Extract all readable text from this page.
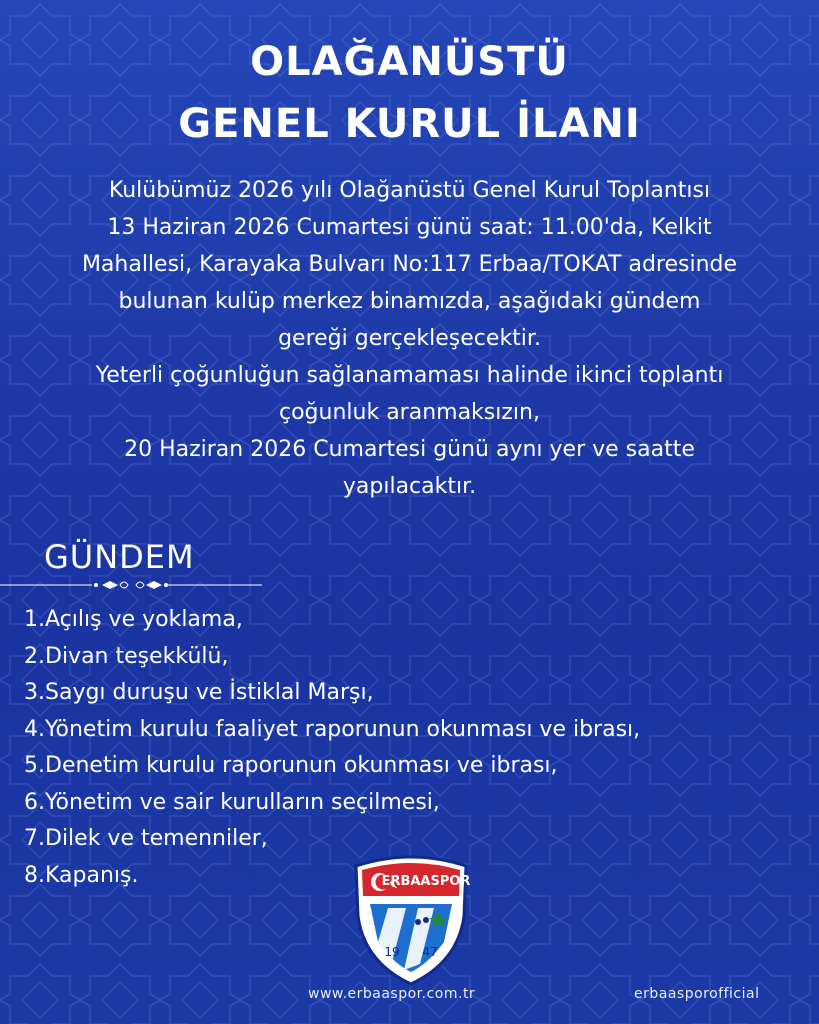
OLAĞANÜSTÜ
GENEL KURUL İLANI

Kulübümüz 2026 yılı Olağanüstü Genel Kurul Toplantısı
13 Haziran 2026 Cumartesi günü saat: 11.00'da, Kelkit
Mahallesi, Karayaka Bulvarı No:117 Erbaa/TOKAT adresinde
bulunan kulüp merkez binamızda, aşağıdaki gündem
gereği gerçekleşecektir.
Yeterli çoğunluğun sağlanamaması halinde ikinci toplantı
çoğunluk aranmaksızın,
20 Haziran 2026 Cumartesi günü aynı yer ve saatte
yapılacaktır.

GÜNDEM
1. Açılış ve yoklama,
2. Divan teşekkülü,
3. Saygı duruşu ve İstiklal Marşı,
4. Yönetim kurulu faaliyet raporunun okunması ve ibrası,
5. Denetim kurulu raporunun okunması ve ibrası,
6. Yönetim ve sair kurulların seçilmesi,
7. Dilek ve temenniler,
8. Kapanış.	ERBAASPOR
19 47
www.erbaaspor.com.tr	erbaasporofficial
